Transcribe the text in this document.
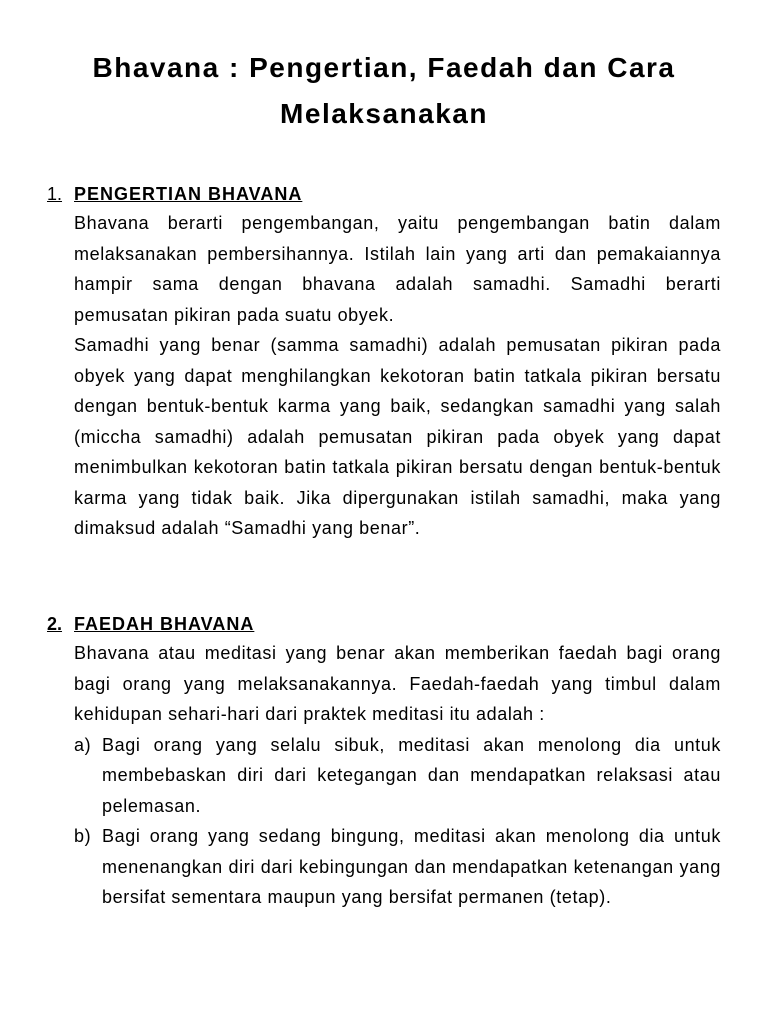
Bhavana : Pengertian, Faedah dan Cara
Melaksanakan
1. PENGERTIAN BHAVANA

Bhavana berarti pengembangan, yaitu pengembangan batin dalam melaksanakan pembersihannya. Istilah lain yang arti dan pemakaiannya hampir sama dengan bhavana adalah samadhi. Samadhi berarti pemusatan pikiran pada suatu obyek.

Samadhi yang benar (samma samadhi) adalah pemusatan pikiran pada obyek yang dapat menghilangkan kekotoran batin tatkala pikiran bersatu dengan bentuk-bentuk karma yang baik, sedangkan samadhi yang salah (miccha samadhi) adalah pemusatan pikiran pada obyek yang dapat menimbulkan kekotoran batin tatkala pikiran bersatu dengan bentuk-bentuk karma yang tidak baik. Jika dipergunakan istilah samadhi, maka yang dimaksud adalah “Samadhi yang benar”.

2. FAEDAH BHAVANA

Bhavana atau meditasi yang benar akan memberikan faedah bagi orang bagi orang yang melaksanakannya. Faedah-faedah yang timbul dalam kehidupan sehari-hari dari praktek meditasi itu adalah :

a) Bagi orang yang selalu sibuk, meditasi akan menolong dia untuk membebaskan diri dari ketegangan dan mendapatkan relaksasi atau pelemasan.
b) Bagi orang yang sedang bingung, meditasi akan menolong dia untuk menenangkan diri dari kebingungan dan mendapatkan ketenangan yang bersifat sementara maupun yang bersifat permanen (tetap).
